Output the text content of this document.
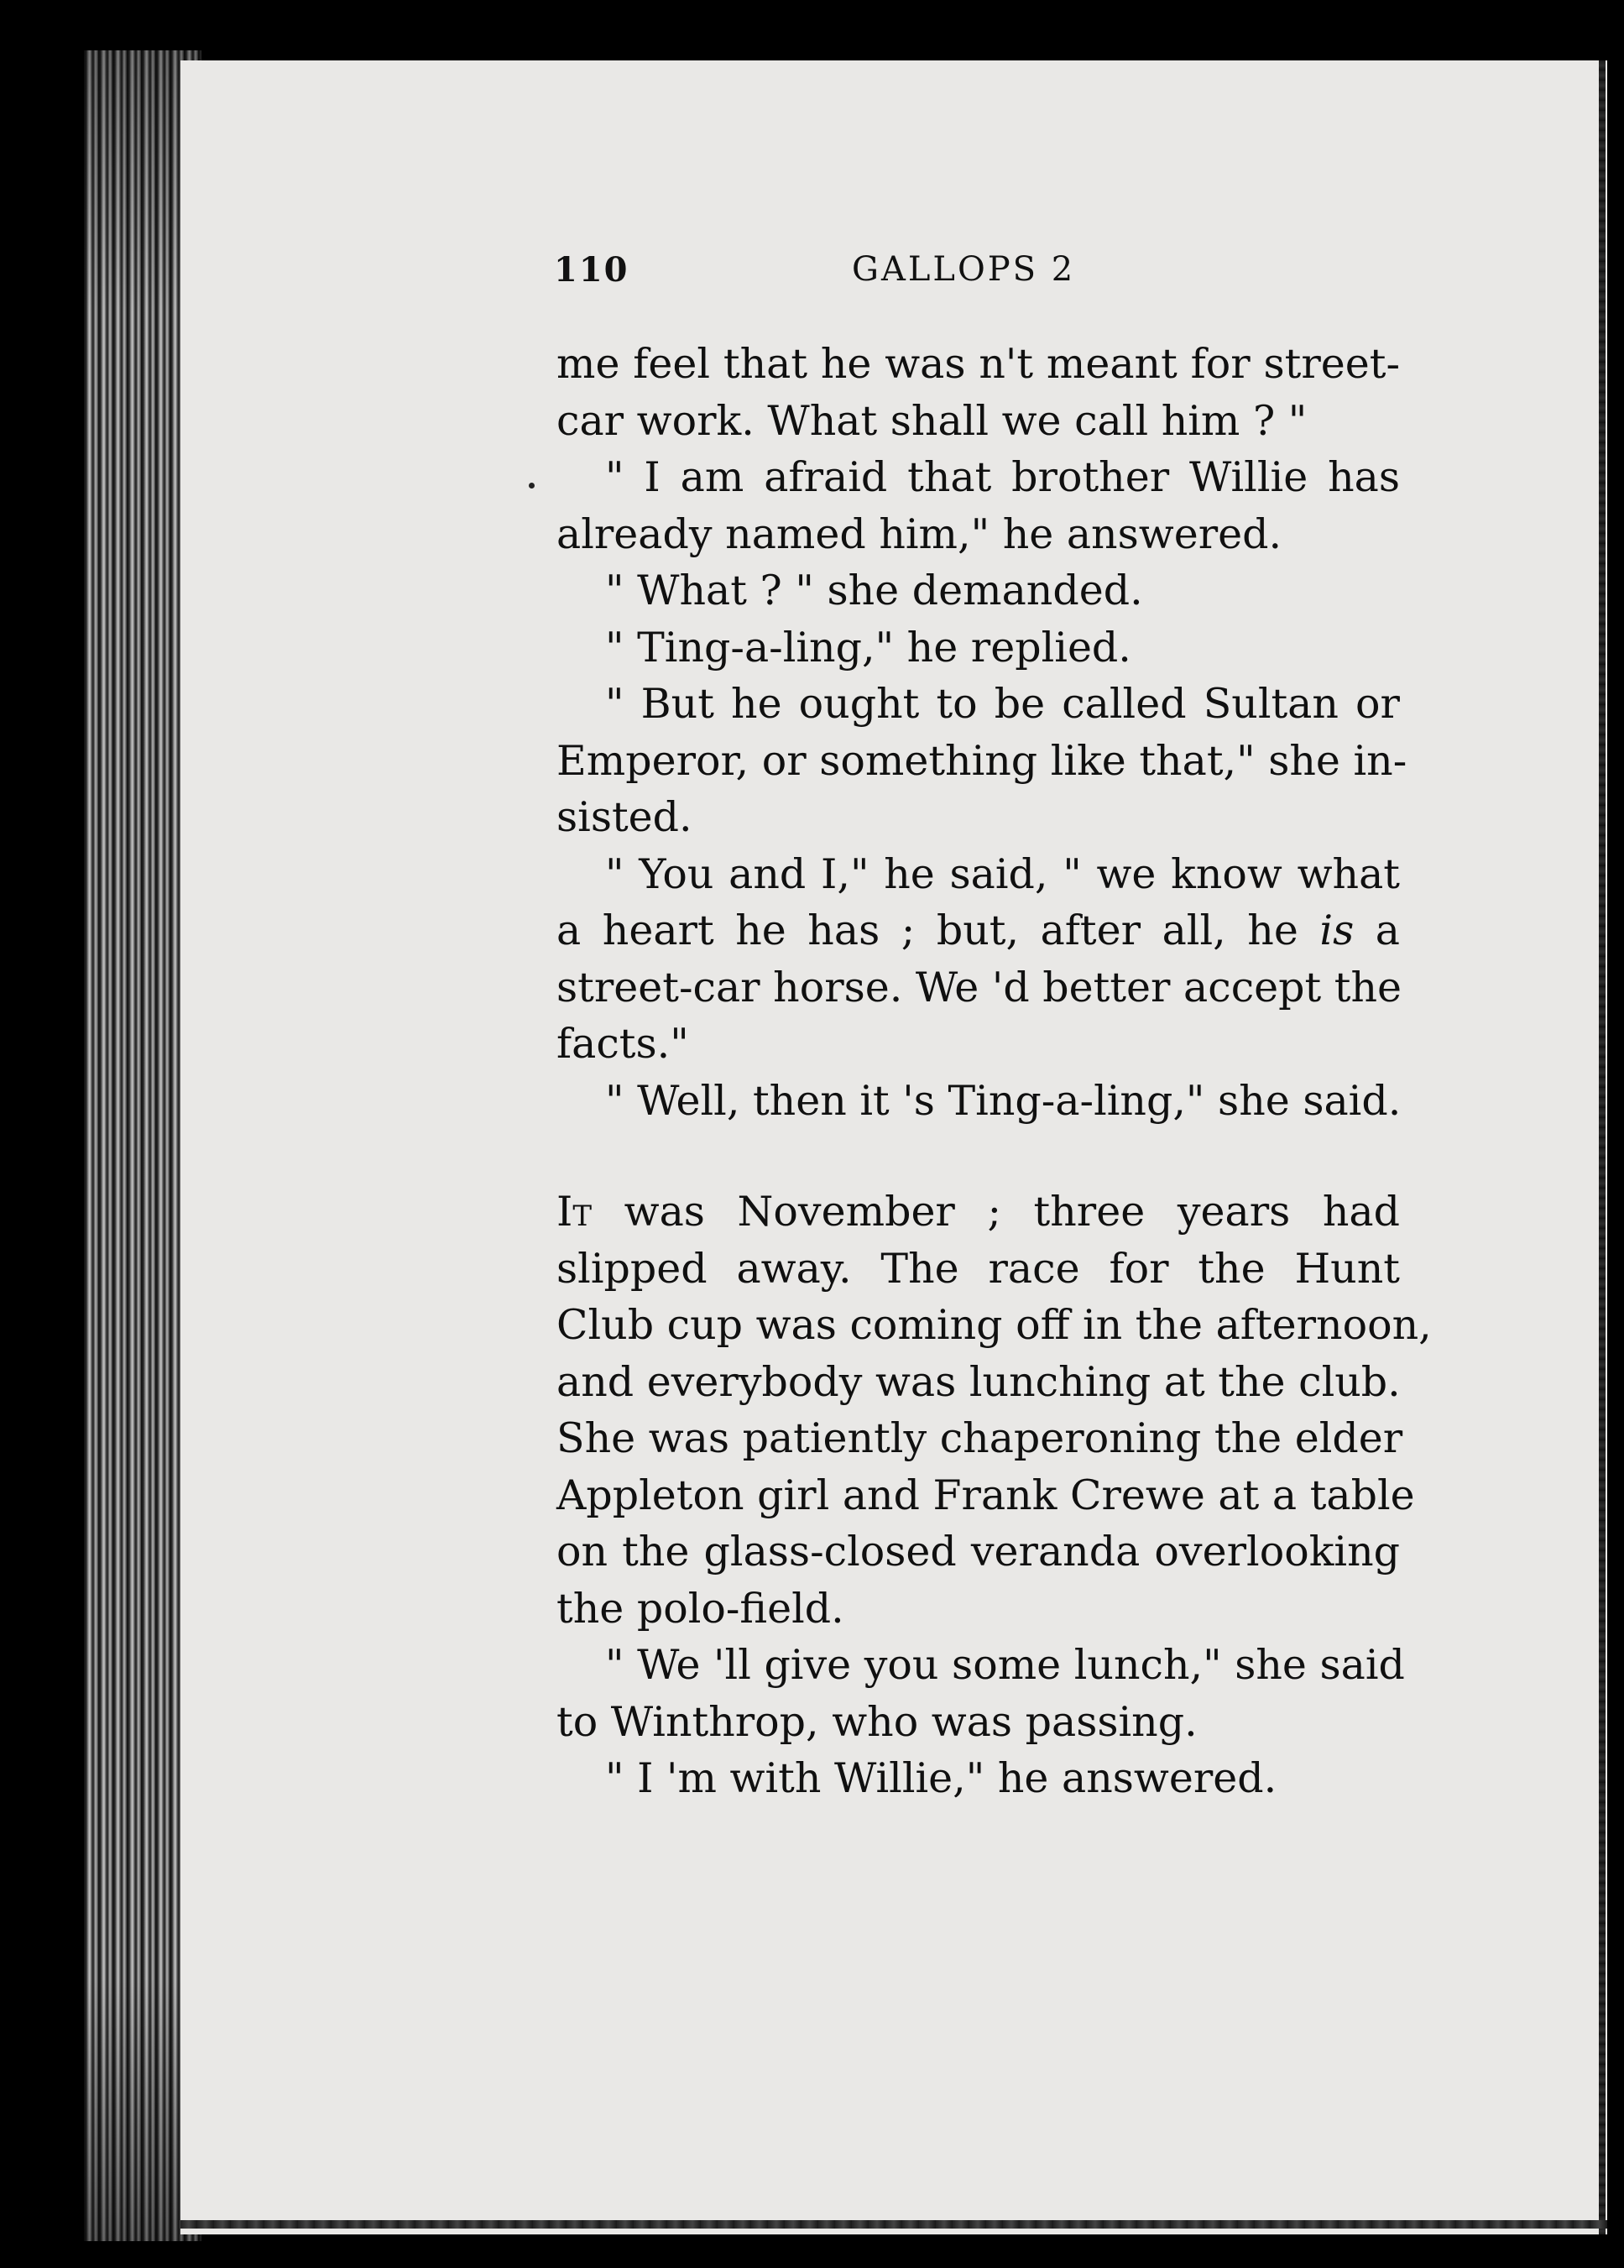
110	GALLOPS 2
me feel that he was n't meant for street-
car work. What shall we call him ? "
" I am afraid that brother Willie has
already named him," he answered.
" What ? " she demanded.
" Ting-a-ling," he replied.
" But he ought to be called Sultan or
Emperor, or something like that," she in-
sisted.
" You and I," he said, " we know what
a heart he has ; but, after all, he is a
street-car horse. We 'd better accept the
facts."
" Well, then it 's Ting-a-ling," she said.
It was November ; three years had
slipped away. The race for the Hunt
Club cup was coming off in the afternoon,
and everybody was lunching at the club.
She was patiently chaperoning the elder
Appleton girl and Frank Crewe at a table
on the glass-closed veranda overlooking
the polo-field.
" We 'll give you some lunch," she said
to Winthrop, who was passing.
" I 'm with Willie," he answered.
